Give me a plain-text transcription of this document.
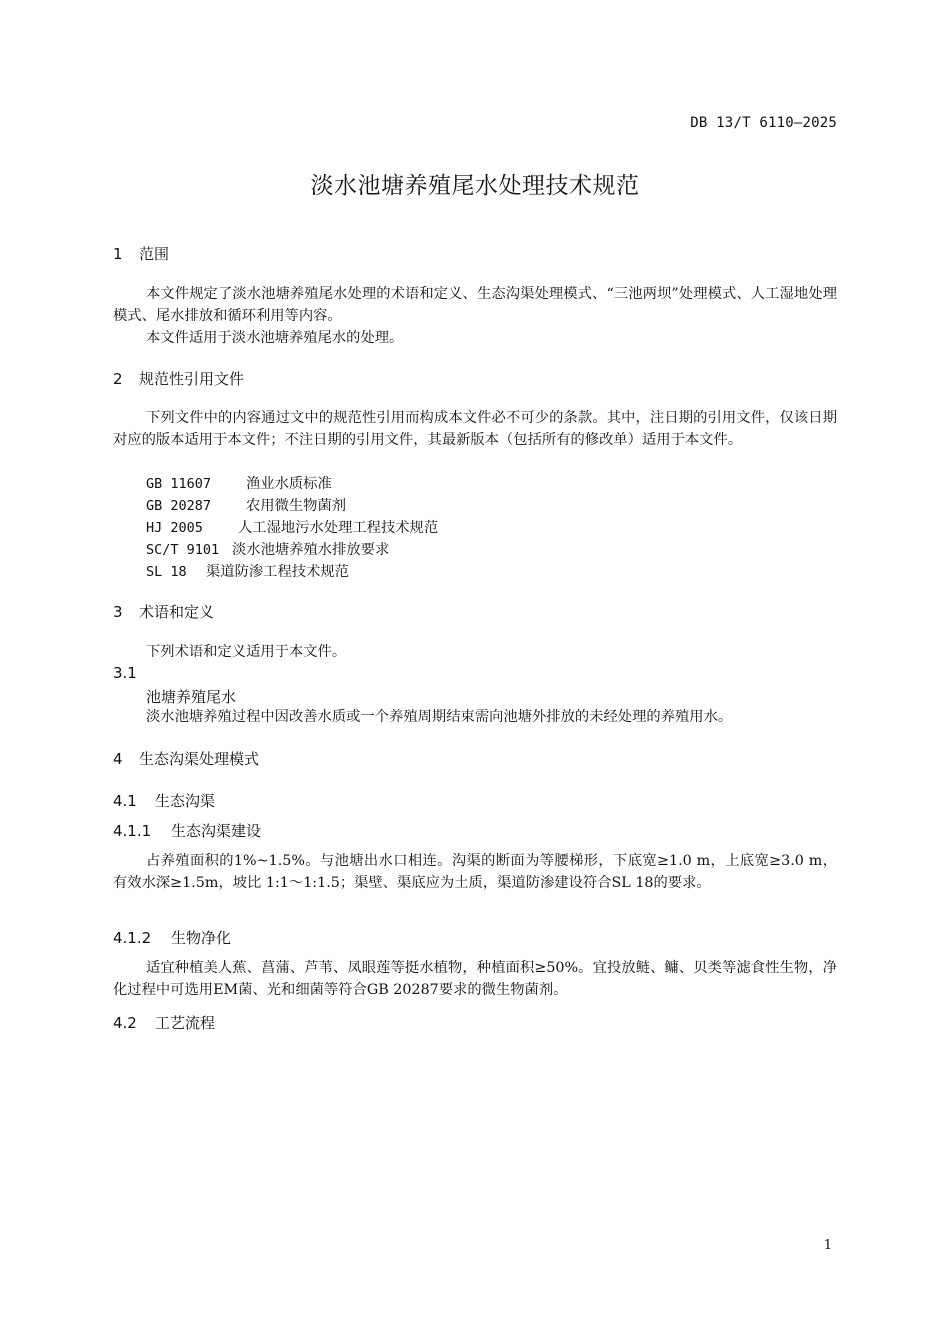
DB 13/T 6110—2025
淡水池塘养殖尾水处理技术规范
1 范围
本文件规定了淡水池塘养殖尾水处理的术语和定义、生态沟渠处理模式、“三池两坝”处理模式、人工湿地处理模式、尾水排放和循环利用等内容。
本文件适用于淡水池塘养殖尾水的处理。
2 规范性引用文件
下列文件中的内容通过文中的规范性引用而构成本文件必不可少的条款。其中，注日期的引用文件，仅该日期对应的版本适用于本文件；不注日期的引用文件，其最新版本（包括所有的修改单）适用于本文件。
GB 11607 渔业水质标准
GB 20287 农用微生物菌剂
HJ 2005 人工湿地污水处理工程技术规范
SC/T 9101 淡水池塘养殖水排放要求
SL 18 渠道防渗工程技术规范
3 术语和定义
下列术语和定义适用于本文件。
3.1
池塘养殖尾水
淡水池塘养殖过程中因改善水质或一个养殖周期结束需向池塘外排放的未经处理的养殖用水。
4 生态沟渠处理模式
4.1 生态沟渠
4.1.1 生态沟渠建设
占养殖面积的1%~1.5%。与池塘出水口相连。沟渠的断面为等腰梯形，下底宽≥1.0 m，上底宽≥3.0 m，有效水深≥1.5m，坡比 1:1～1:1.5；渠壁、渠底应为土质，渠道防渗建设符合SL 18的要求。
4.1.2 生物净化
适宜种植美人蕉、菖蒲、芦苇、凤眼莲等挺水植物，种植面积≥50%。宜投放鲢、鳙、贝类等滤食性生物，净化过程中可选用EM菌、光和细菌等符合GB 20287要求的微生物菌剂。
4.2 工艺流程
1
